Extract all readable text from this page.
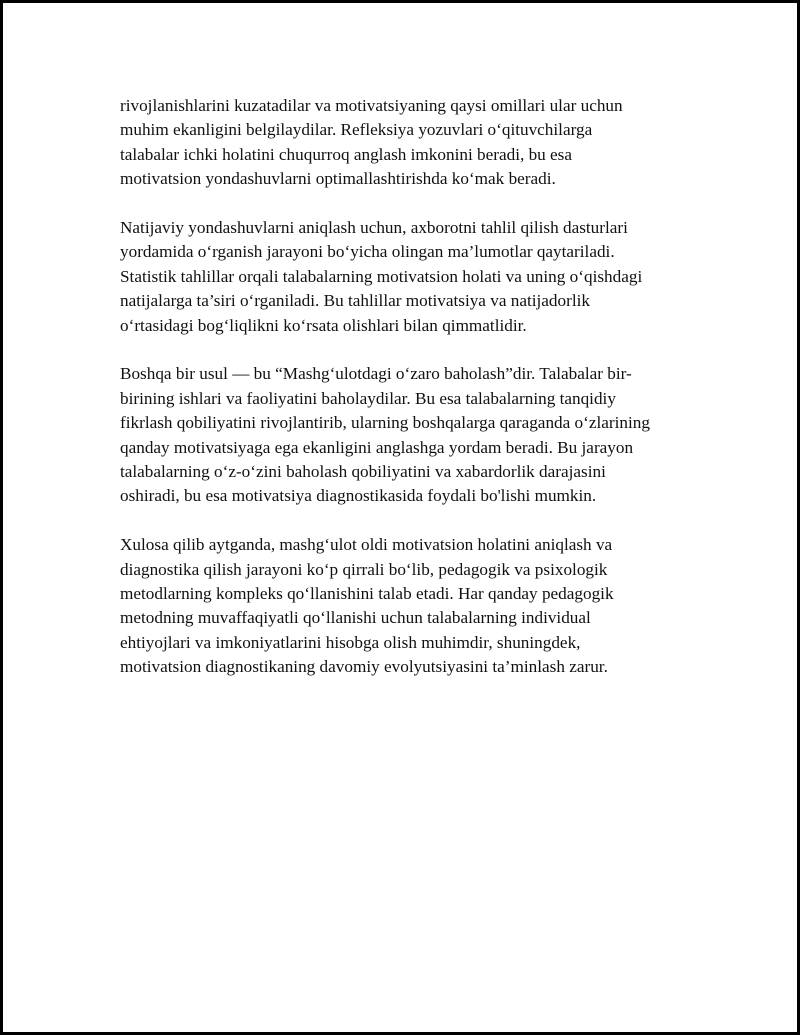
rivojlanishlarini kuzatadilar va motivatsiyaning qaysi omillari ular uchun
muhim ekanligini belgilaydilar. Refleksiya yozuvlari o‘qituvchilarga
talabalar ichki holatini chuqurroq anglash imkonini beradi, bu esa
motivatsion yondashuvlarni optimallashtirishda ko‘mak beradi.

Natijaviy yondashuvlarni aniqlash uchun, axborotni tahlil qilish dasturlari
yordamida o‘rganish jarayoni bo‘yicha olingan ma’lumotlar qaytariladi.
Statistik tahlillar orqali talabalarning motivatsion holati va uning o‘qishdagi
natijalarga ta’siri o‘rganiladi. Bu tahlillar motivatsiya va natijadorlik
o‘rtasidagi bog‘liqlikni ko‘rsata olishlari bilan qimmatlidir.

Boshqa bir usul — bu “Mashg‘ulotdagi o‘zaro baholash”dir. Talabalar bir-
birining ishlari va faoliyatini baholaydilar. Bu esa talabalarning tanqidiy
fikrlash qobiliyatini rivojlantirib, ularning boshqalarga qaraganda o‘zlarining
qanday motivatsiyaga ega ekanligini anglashga yordam beradi. Bu jarayon
talabalarning o‘z-o‘zini baholash qobiliyatini va xabardorlik darajasini
oshiradi, bu esa motivatsiya diagnostikasida foydali bo'lishi mumkin.

Xulosa qilib aytganda, mashg‘ulot oldi motivatsion holatini aniqlash va
diagnostika qilish jarayoni ko‘p qirrali bo‘lib, pedagogik va psixologik
metodlarning kompleks qo‘llanishini talab etadi. Har qanday pedagogik
metodning muvaffaqiyatli qo‘llanishi uchun talabalarning individual
ehtiyojlari va imkoniyatlarini hisobga olish muhimdir, shuningdek,
motivatsion diagnostikaning davomiy evolyutsiyasini ta’minlash zarur.
